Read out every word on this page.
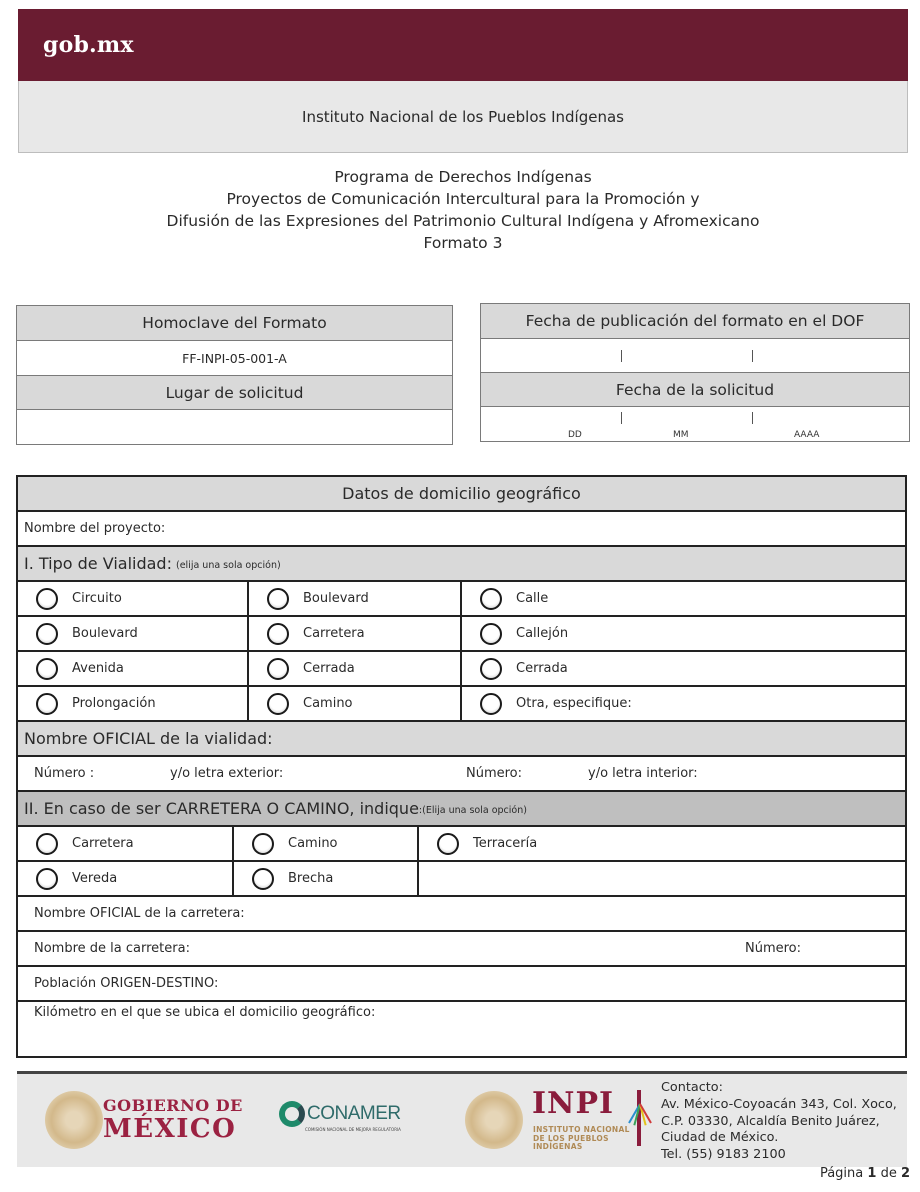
gob.mx
Instituto Nacional de los Pueblos Indígenas
Programa de Derechos Indígenas
Proyectos de Comunicación Intercultural para la Promoción y
Difusión de las Expresiones del Patrimonio Cultural Indígena y Afromexicano
Formato 3
Homoclave del Formato
FF-INPI-05-001-A
Lugar de solicitud
Fecha de publicación del formato en el DOF
Fecha de la solicitud
DD	MM	AAAA
Datos de domicilio geográfico
Nombre del proyecto:
I. Tipo de Vialidad: (elija una sola opción)
Circuito	Boulevard	Calle
Boulevard	Carretera	Callejón
Avenida	Cerrada	Cerrada
Prolongación	Camino	Otra, especifique:
Nombre OFICIAL de la vialidad:
Número :	y/o letra exterior:	Número:	y/o letra interior:
II. En caso de ser CARRETERA O CAMINO, indique :(Elija una sola opción)
Carretera	Camino	Terracería
Vereda	Brecha
Nombre OFICIAL de la carretera:
Nombre de la carretera:	Número:
Población ORIGEN-DESTINO:
Kilómetro en el que se ubica el domicilio geográfico:
GOBIERNO DE
MÉXICO
CONAMER
COMISIÓN NACIONAL DE MEJORA REGULATORIA
INPI
INSTITUTO NACIONAL
DE LOS PUEBLOS
INDÍGENAS
Contacto:
Av. México-Coyoacán 343, Col. Xoco,
C.P. 03330, Alcaldía Benito Juárez,
Ciudad de México.
Tel. (55) 9183 2100
Página 1 de 2
